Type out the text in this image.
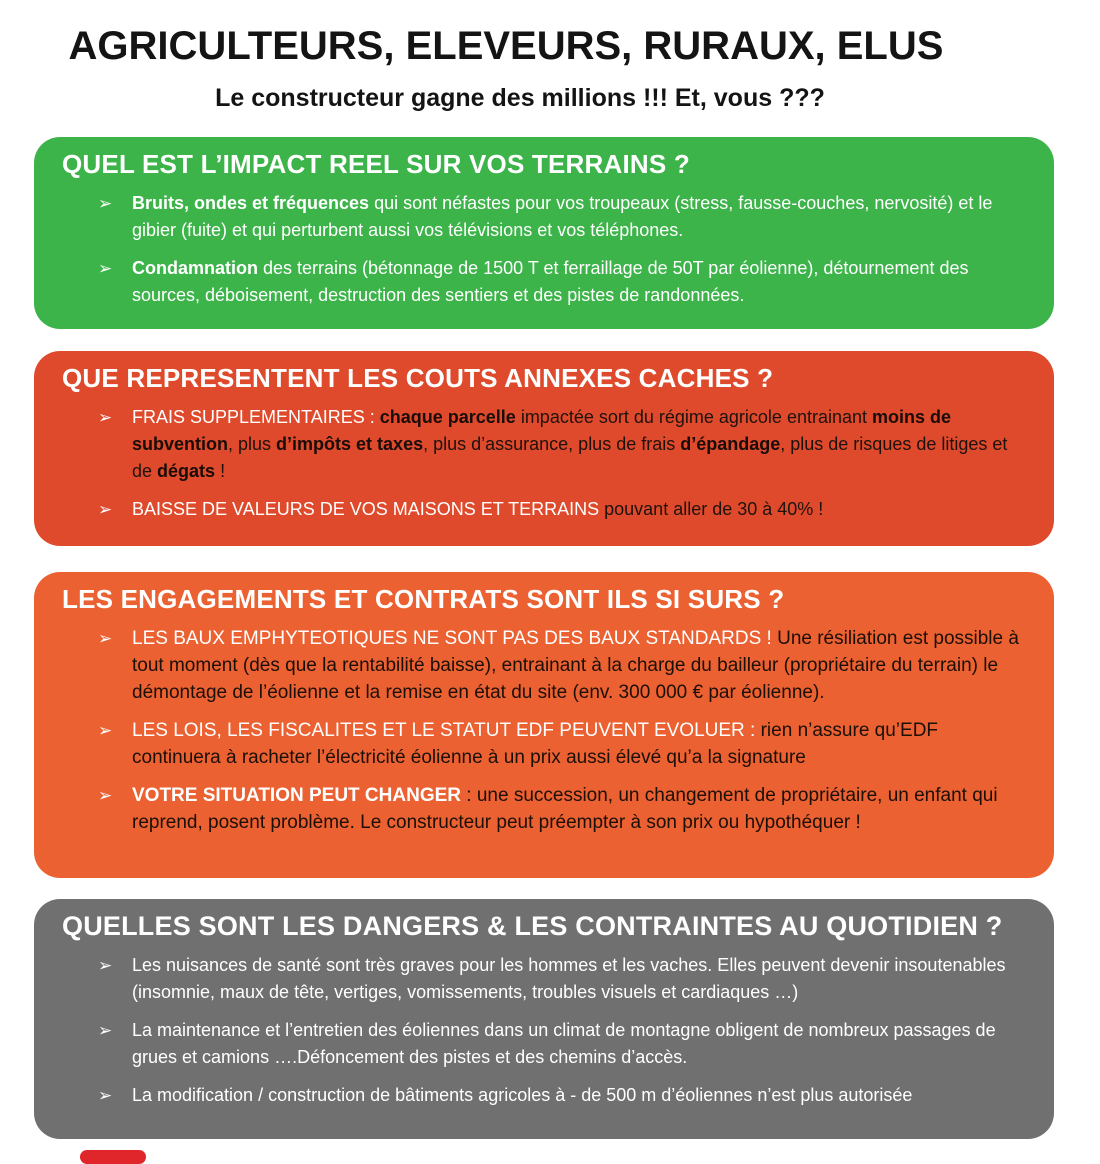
AGRICULTEURS, ELEVEURS, RURAUX, ELUS

Le constructeur gagne des millions !!! Et, vous ???

QUEL EST L’IMPACT REEL SUR VOS TERRAINS ?
➢ Bruits, ondes et fréquences qui sont néfastes pour vos troupeaux (stress, fausse-couches, nervosité) et le gibier (fuite) et qui perturbent aussi vos télévisions et vos téléphones.
➢ Condamnation des terrains (bétonnage de 1500 T et ferraillage de 50T par éolienne), détournement des sources, déboisement, destruction des sentiers et des pistes de randonnées.
QUE REPRESENTENT LES COUTS ANNEXES CACHES ?
➢ FRAIS SUPPLEMENTAIRES : chaque parcelle impactée sort du régime agricole entrainant moins de subvention, plus d’impôts et taxes, plus d’assurance, plus de frais d’épandage, plus de risques de litiges et de dégats !
➢ BAISSE DE VALEURS DE VOS MAISONS ET TERRAINS pouvant aller de 30 à 40% !
LES ENGAGEMENTS ET CONTRATS SONT ILS SI SURS ?
➢ LES BAUX EMPHYTEOTIQUES NE SONT PAS DES BAUX STANDARDS ! Une résiliation est possible à tout moment (dès que la rentabilité baisse), entrainant à la charge du bailleur (propriétaire du terrain) le démontage de l’éolienne et la remise en état du site (env. 300 000 € par éolienne).
➢ LES LOIS, LES FISCALITES ET LE STATUT EDF PEUVENT EVOLUER : rien n’assure qu’EDF continuera à racheter l’électricité éolienne à un prix aussi élevé qu’a la signature
➢ VOTRE SITUATION PEUT CHANGER : une succession, un changement de propriétaire, un enfant qui reprend, posent problème. Le constructeur peut préempter à son prix ou hypothéquer !
QUELLES SONT LES DANGERS & LES CONTRAINTES AU QUOTIDIEN ?
➢ Les nuisances de santé sont très graves pour les hommes et les vaches. Elles peuvent devenir insoutenables (insomnie, maux de tête, vertiges, vomissements, troubles visuels et cardiaques …)
➢ La maintenance et l’entretien des éoliennes dans un climat de montagne obligent de nombreux passages de grues et camions ….Défoncement des pistes et des chemins d’accès.
➢ La modification / construction de bâtiments agricoles à - de 500 m d’éoliennes n’est plus autorisée
